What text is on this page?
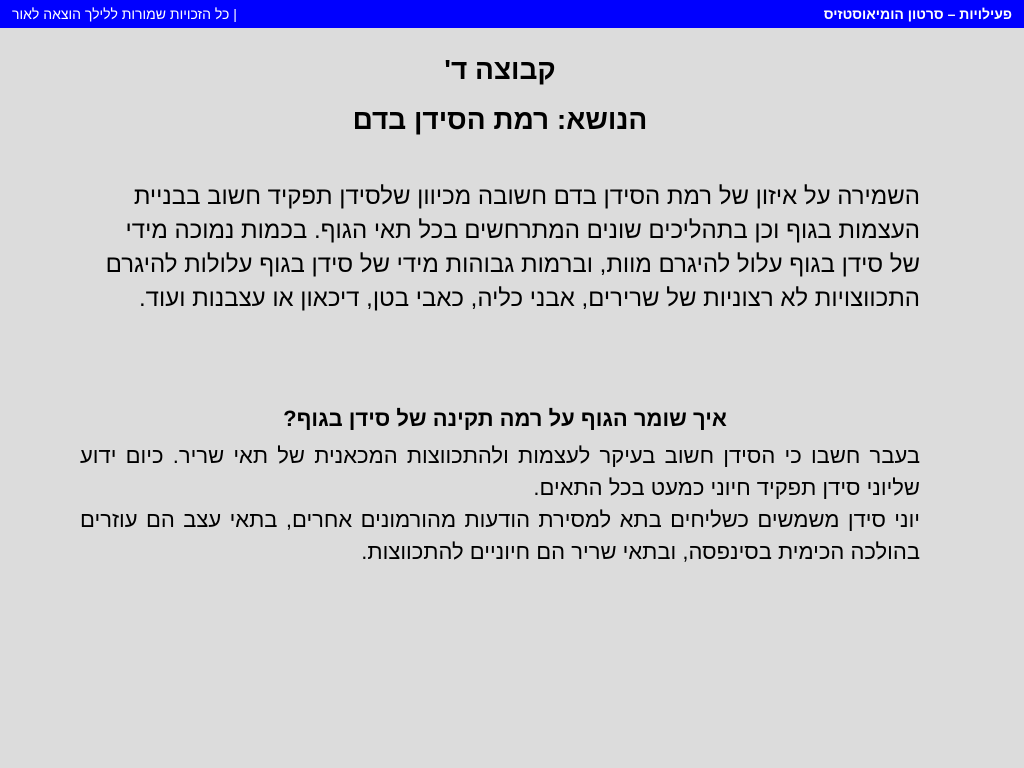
פעילויות – סרטון הומיאוסטזיס
| כל הזכויות שמורות ללילך הוצאה לאור
קבוצה ד'
הנושא: רמת הסידן בדם

השמירה על איזון של רמת הסידן בדם חשובה מכיוון שלסידן תפקיד חשוב בבניית העצמות בגוף וכן בתהליכים שונים המתרחשים בכל תאי הגוף. בכמות נמוכה מידי של סידן בגוף עלול להיגרם מוות, וברמות גבוהות מידי של סידן בגוף עלולות להיגרם התכווצויות לא רצוניות של שרירים, אבני כליה, כאבי בטן, דיכאון או עצבנות ועוד.

איך שומר הגוף על רמה תקינה של סידן בגוף?

בעבר חשבו כי הסידן חשוב בעיקר לעצמות ולהתכווצות המכאנית של תאי שריר. כיום ידוע שליוני סידן תפקיד חיוני כמעט בכל התאים.

יוני סידן משמשים כשליחים בתא למסירת הודעות מהורמונים אחרים, בתאי עצב הם עוזרים בהולכה הכימית בסינפסה, ובתאי שריר הם חיוניים להתכווצות.
